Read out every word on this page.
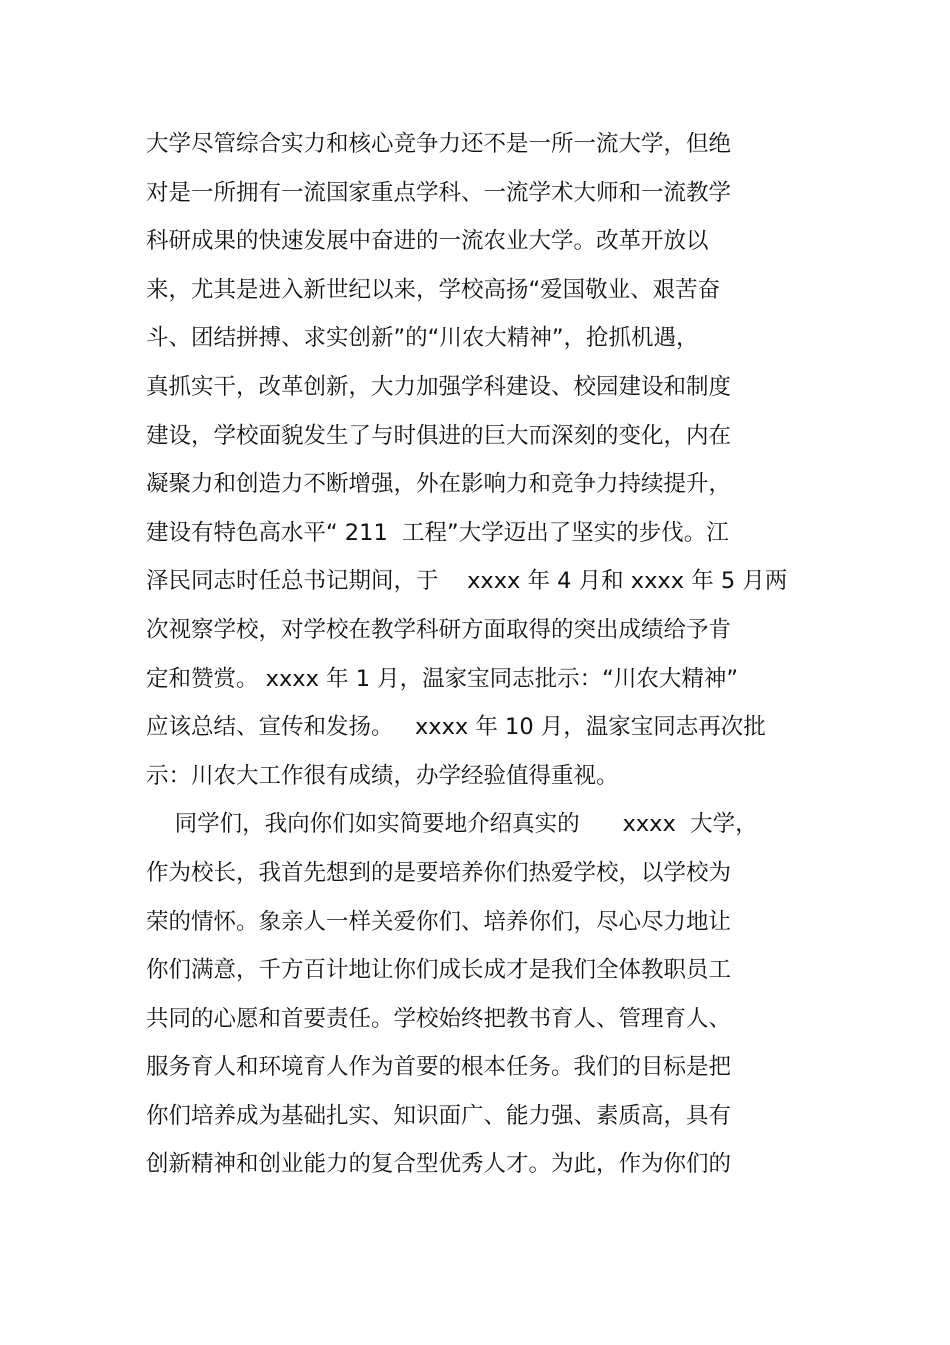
大学尽管综合实力和核心竞争力还不是一所一流大学，但绝
对是一所拥有一流国家重点学科、一流学术大师和一流教学
科研成果的快速发展中奋进的一流农业大学。改革开放以
来，尤其是进入新世纪以来，学校高扬“爱国敬业、艰苦奋
斗、团结拼搏、求实创新”的“川农大精神”，抢抓机遇，
真抓实干，改革创新，大力加强学科建设、校园建设和制度
建设，学校面貌发生了与时俱进的巨大而深刻的变化，内在
凝聚力和创造力不断增强，外在影响力和竞争力持续提升，
建设有特色高水平“ 211  工程”大学迈出了坚实的步伐。江
泽民同志时任总书记期间，于    xxxx 年 4 月和 xxxx 年 5 月两
次视察学校，对学校在教学科研方面取得的突出成绩给予肯
定和赞赏。 xxxx 年 1 月，温家宝同志批示：“川农大精神”
应该总结、宣传和发扬。   xxxx 年 10 月，温家宝同志再次批
示：川农大工作很有成绩，办学经验值得重视。
同学们，我向你们如实简要地介绍真实的      xxxx  大学，
作为校长，我首先想到的是要培养你们热爱学校，以学校为
荣的情怀。象亲人一样关爱你们、培养你们，尽心尽力地让
你们满意，千方百计地让你们成长成才是我们全体教职员工
共同的心愿和首要责任。学校始终把教书育人、管理育人、
服务育人和环境育人作为首要的根本任务。我们的目标是把
你们培养成为基础扎实、知识面广、能力强、素质高，具有
创新精神和创业能力的复合型优秀人才。为此，作为你们的
